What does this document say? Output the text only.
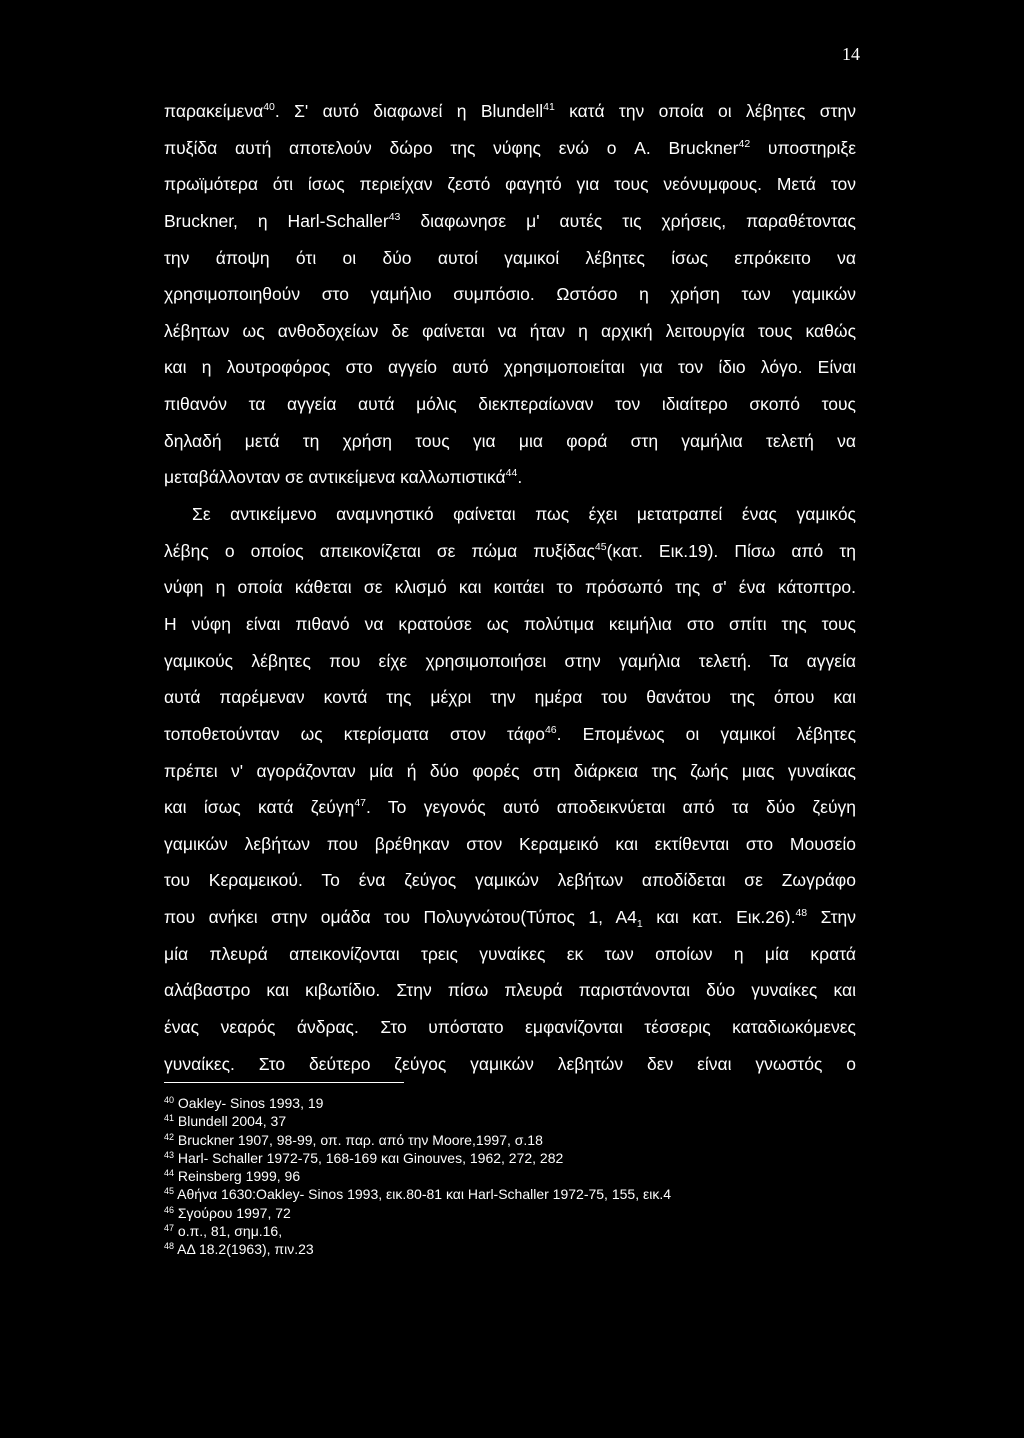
14
παρακείμενα$^{40}$. Σ' αυτό διαφωνεί η Blundell$^{41}$ κατά την οποία οι λέβητες στην
πυξίδα αυτή αποτελούν δώρο της νύφης ενώ ο A. Bruckner$^{42}$ υποστηριξε
πρωϊμότερα ότι ίσως περιείχαν ζεστό φαγητό για τους νεόνυμφους. Μετά τον
Bruckner, η Harl-Schaller$^{43}$ διαφωνησε μ' αυτές τις χρήσεις, παραθέτοντας
την άποψη ότι οι δύο αυτοί γαμικοί λέβητες ίσως επρόκειτο να
χρησιμοποιηθούν στο γαμήλιο συμπόσιο. Ωστόσο η χρήση των γαμικών
λέβητων ως ανθοδοχείων δε φαίνεται να ήταν η αρχική λειτουργία τους καθώς
και η λουτροφόρος στο αγγείο αυτό χρησιμοποιείται για τον ίδιο λόγο. Είναι
πιθανόν τα αγγεία αυτά μόλις διεκπεραίωναν τον ιδιαίτερο σκοπό τους
δηλαδή μετά τη χρήση τους για μια φορά στη γαμήλια τελετή να
μεταβάλλονταν σε αντικείμενα καλλωπιστικά$^{44}$.
Σε αντικείμενο αναμνηστικό φαίνεται πως έχει μετατραπεί ένας γαμικός
λέβης ο οποίος απεικονίζεται σε πώμα πυξίδας$^{45}$(κατ. Εικ.19). Πίσω από τη
νύφη η οποία κάθεται σε κλισμό και κοιτάει το πρόσωπό της σ' ένα κάτοπτρο.
Η νύφη είναι πιθανό να κρατούσε ως πολύτιμα κειμήλια στο σπίτι της τους
γαμικούς λέβητες που είχε χρησιμοποιήσει στην γαμήλια τελετή. Τα αγγεία
αυτά παρέμεναν κοντά της μέχρι την ημέρα του θανάτου της όπου και
τοποθετούνταν ως κτερίσματα στον τάφο$^{46}$. Επομένως οι γαμικοί λέβητες
πρέπει ν' αγοράζονταν μία ή δύο φορές στη διάρκεια της ζωής μιας γυναίκας
και ίσως κατά ζεύγη$^{47}$. Το γεγονός αυτό αποδεικνύεται από τα δύο ζεύγη
γαμικών λεβήτων που βρέθηκαν στον Κεραμεικό και εκτίθενται στο Μουσείο
του Κεραμεικού. Το ένα ζεύγος γαμικών λεβήτων αποδίδεται σε Ζωγράφο
που ανήκει στην ομάδα του Πολυγνώτου(Τύπος 1, $A4_1$ και κατ. Εικ.26).$^{48}$ Στην
μία πλευρά απεικονίζονται τρεις γυναίκες εκ των οποίων η μία κρατά
αλάβαστρο και κιβωτίδιο. Στην πίσω πλευρά παριστάνονται δύο γυναίκες και
ένας νεαρός άνδρας. Στο υπόστατο εμφανίζονται τέσσερις καταδιωκόμενες
γυναίκες. Στο δεύτερο ζεύγος γαμικών λεβητών δεν είναι γνωστός ο
$^{40}$ Oakley- Sinos 1993, 19
$^{41}$ Blundell 2004, 37
$^{42}$ Bruckner 1907, 98-99, οπ. παρ. από την Moore,1997, σ.18
$^{43}$ Harl- Schaller 1972-75, 168-169 και Ginouves, 1962, 272, 282
$^{44}$ Reinsberg 1999, 96
$^{45}$ Αθήνα 1630:Oakley- Sinos 1993, εικ.80-81 και Harl-Schaller 1972-75, 155, εικ.4
$^{46}$ Σγούρου 1997, 72
$^{47}$ ο.π., 81, σημ.16,
$^{48}$ ΑΔ 18.2(1963), πιν.23
